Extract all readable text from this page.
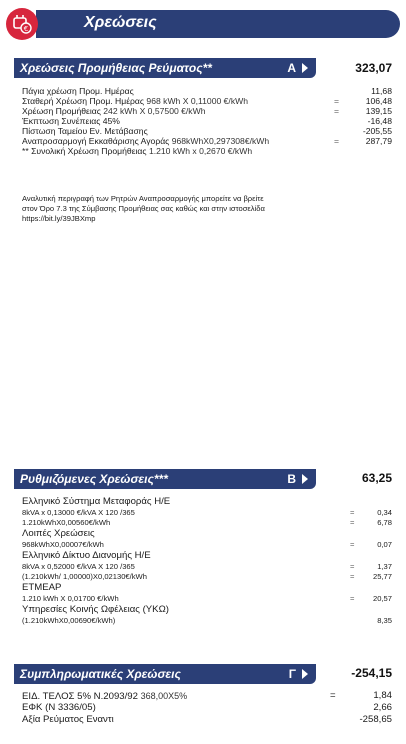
€	Χρεώσεις
Χρεώσεις Προμήθειας Ρεύματος**	Α	323,07
Πάγια χρέωση Προμ. Ημέρας	11,68
Σταθερή Χρέωση Προμ. Ημέρας 968 kWh X 0,11000 €/kWh	=	106,48
Χρέωση Προμήθειας 242 kWh X 0,57500 €/kWh	=	139,15
Έκπτωση Συνέπειας 45%	-16,48
Πίστωση Ταμείου Εν. Μετάβασης	-205,55
Αναπροσαρμογή Εκκαθάρισης Αγοράς 968kWhX0,297308€/kWh	=	287,79
** Συνολική Χρέωση Προμήθειας 1.210 kWh x 0,2670 €/kWh
Αναλυτική περιγραφή των Ρητρών Αναπροσαρμογής μπορείτε να βρείτε
στον Όρο 7.3 της Σύμβασης Προμήθειας σας καθώς και στην ιστοσελίδα
https://bit.ly/39JBXmp
Ρυθμιζόμενες Χρεώσεις***	Β	63,25
Ελληνικό Σύστημα Μεταφοράς Η/Ε
8kVA x 0,13000 €/kVA X 120 /365	=	0,34
1.210kWhX0,00560€/kWh	=	6,78
Λοιπές Χρεώσεις
968kWhX0,00007€/kWh	=	0,07
Ελληνικό Δίκτυο Διανομής Η/Ε
8kVA x 0,52000 €/kVA X 120 /365	=	1,37
(1.210kWh/ 1,00000)X0,02130€/kWh	= 25,77
ΕΤΜΕΑΡ
1.210 kWh X 0,01700 €/kWh	= 20,57
Υπηρεσίες Κοινής Ωφέλειας (ΥΚΩ)
(1.210kWhX0,00690€/kWh)	8,35
Συμπληρωματικές Χρεώσεις	Γ	-254,15
ΕΙΔ. ΤΕΛΟΣ 5% Ν.2093/92 368,00X5%	=	1,84
ΕΦΚ (Ν 3336/05)	2,66
Αξία Ρεύματος Εναντι	-258,65
